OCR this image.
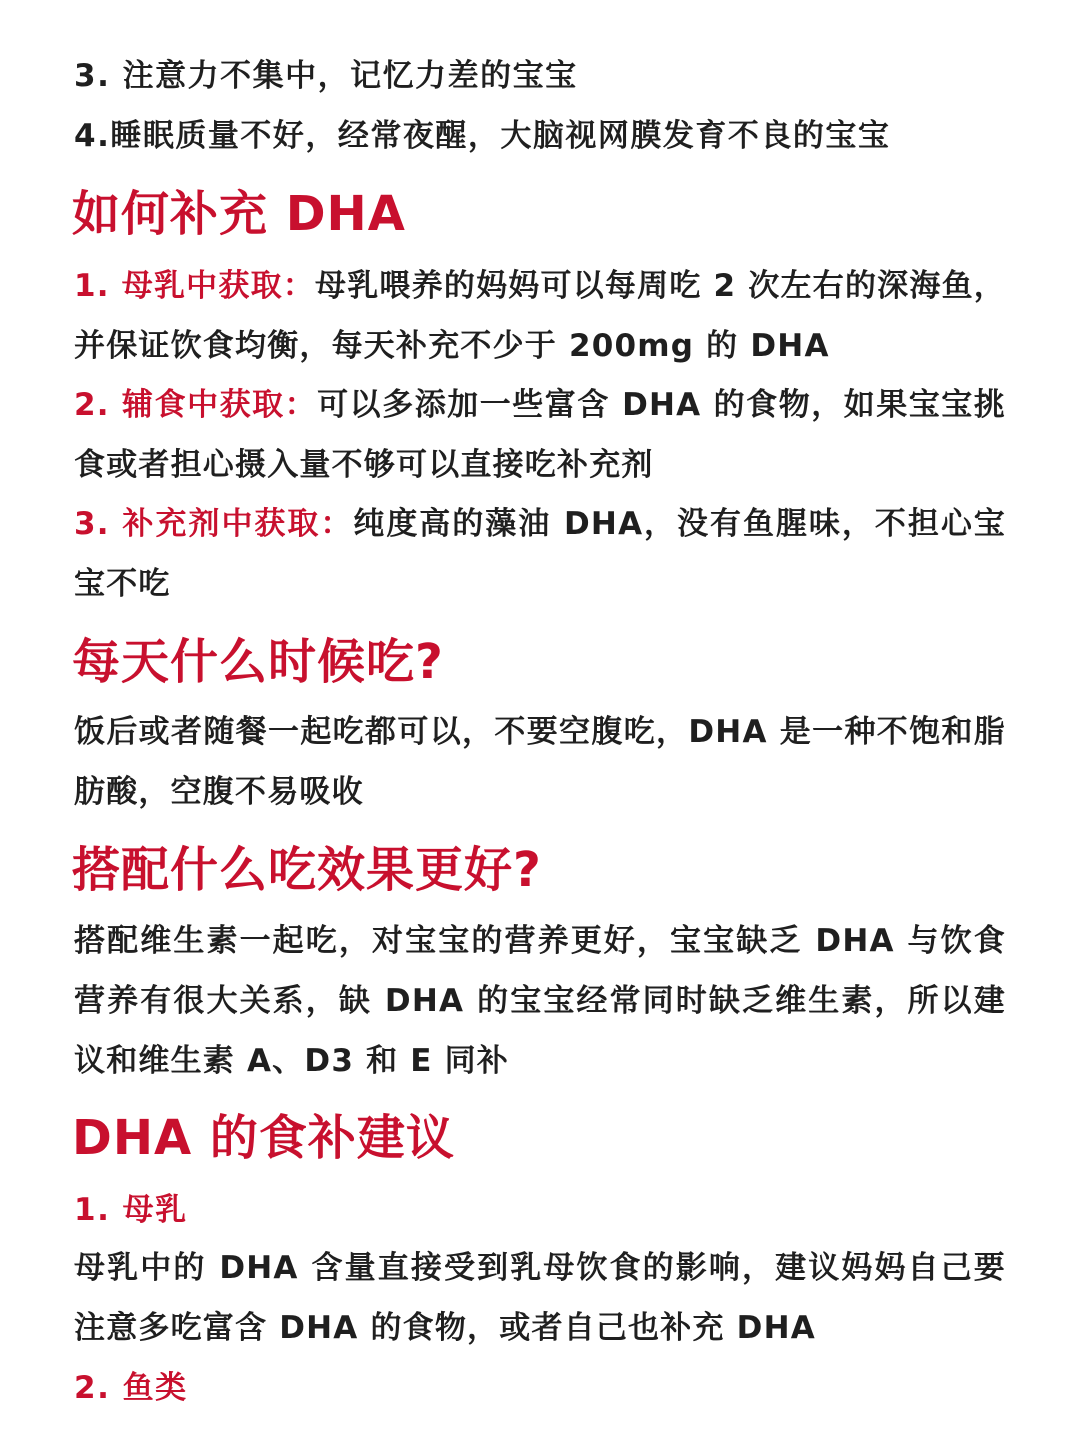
3. 注意力不集中，记忆力差的宝宝
4.睡眠质量不好，经常夜醒，大脑视网膜发育不良的宝宝
如何补充 DHA
1. 母乳中获取：母乳喂养的妈妈可以每周吃 2 次左右的深海鱼，并保证饮食均衡，每天补充不少于 200mg 的 DHA
2. 辅食中获取：可以多添加一些富含 DHA 的食物，如果宝宝挑食或者担心摄入量不够可以直接吃补充剂
3. 补充剂中获取：纯度高的藻油 DHA，没有鱼腥味，不担心宝宝不吃
每天什么时候吃?
饭后或者随餐一起吃都可以，不要空腹吃，DHA 是一种不饱和脂肪酸，空腹不易吸收
搭配什么吃效果更好?
搭配维生素一起吃，对宝宝的营养更好，宝宝缺乏 DHA 与饮食营养有很大关系，缺 DHA 的宝宝经常同时缺乏维生素，所以建议和维生素 A、D3 和 E 同补
DHA 的食补建议
1. 母乳
母乳中的 DHA 含量直接受到乳母饮食的影响，建议妈妈自己要注意多吃富含 DHA 的食物，或者自己也补充 DHA
2. 鱼类
